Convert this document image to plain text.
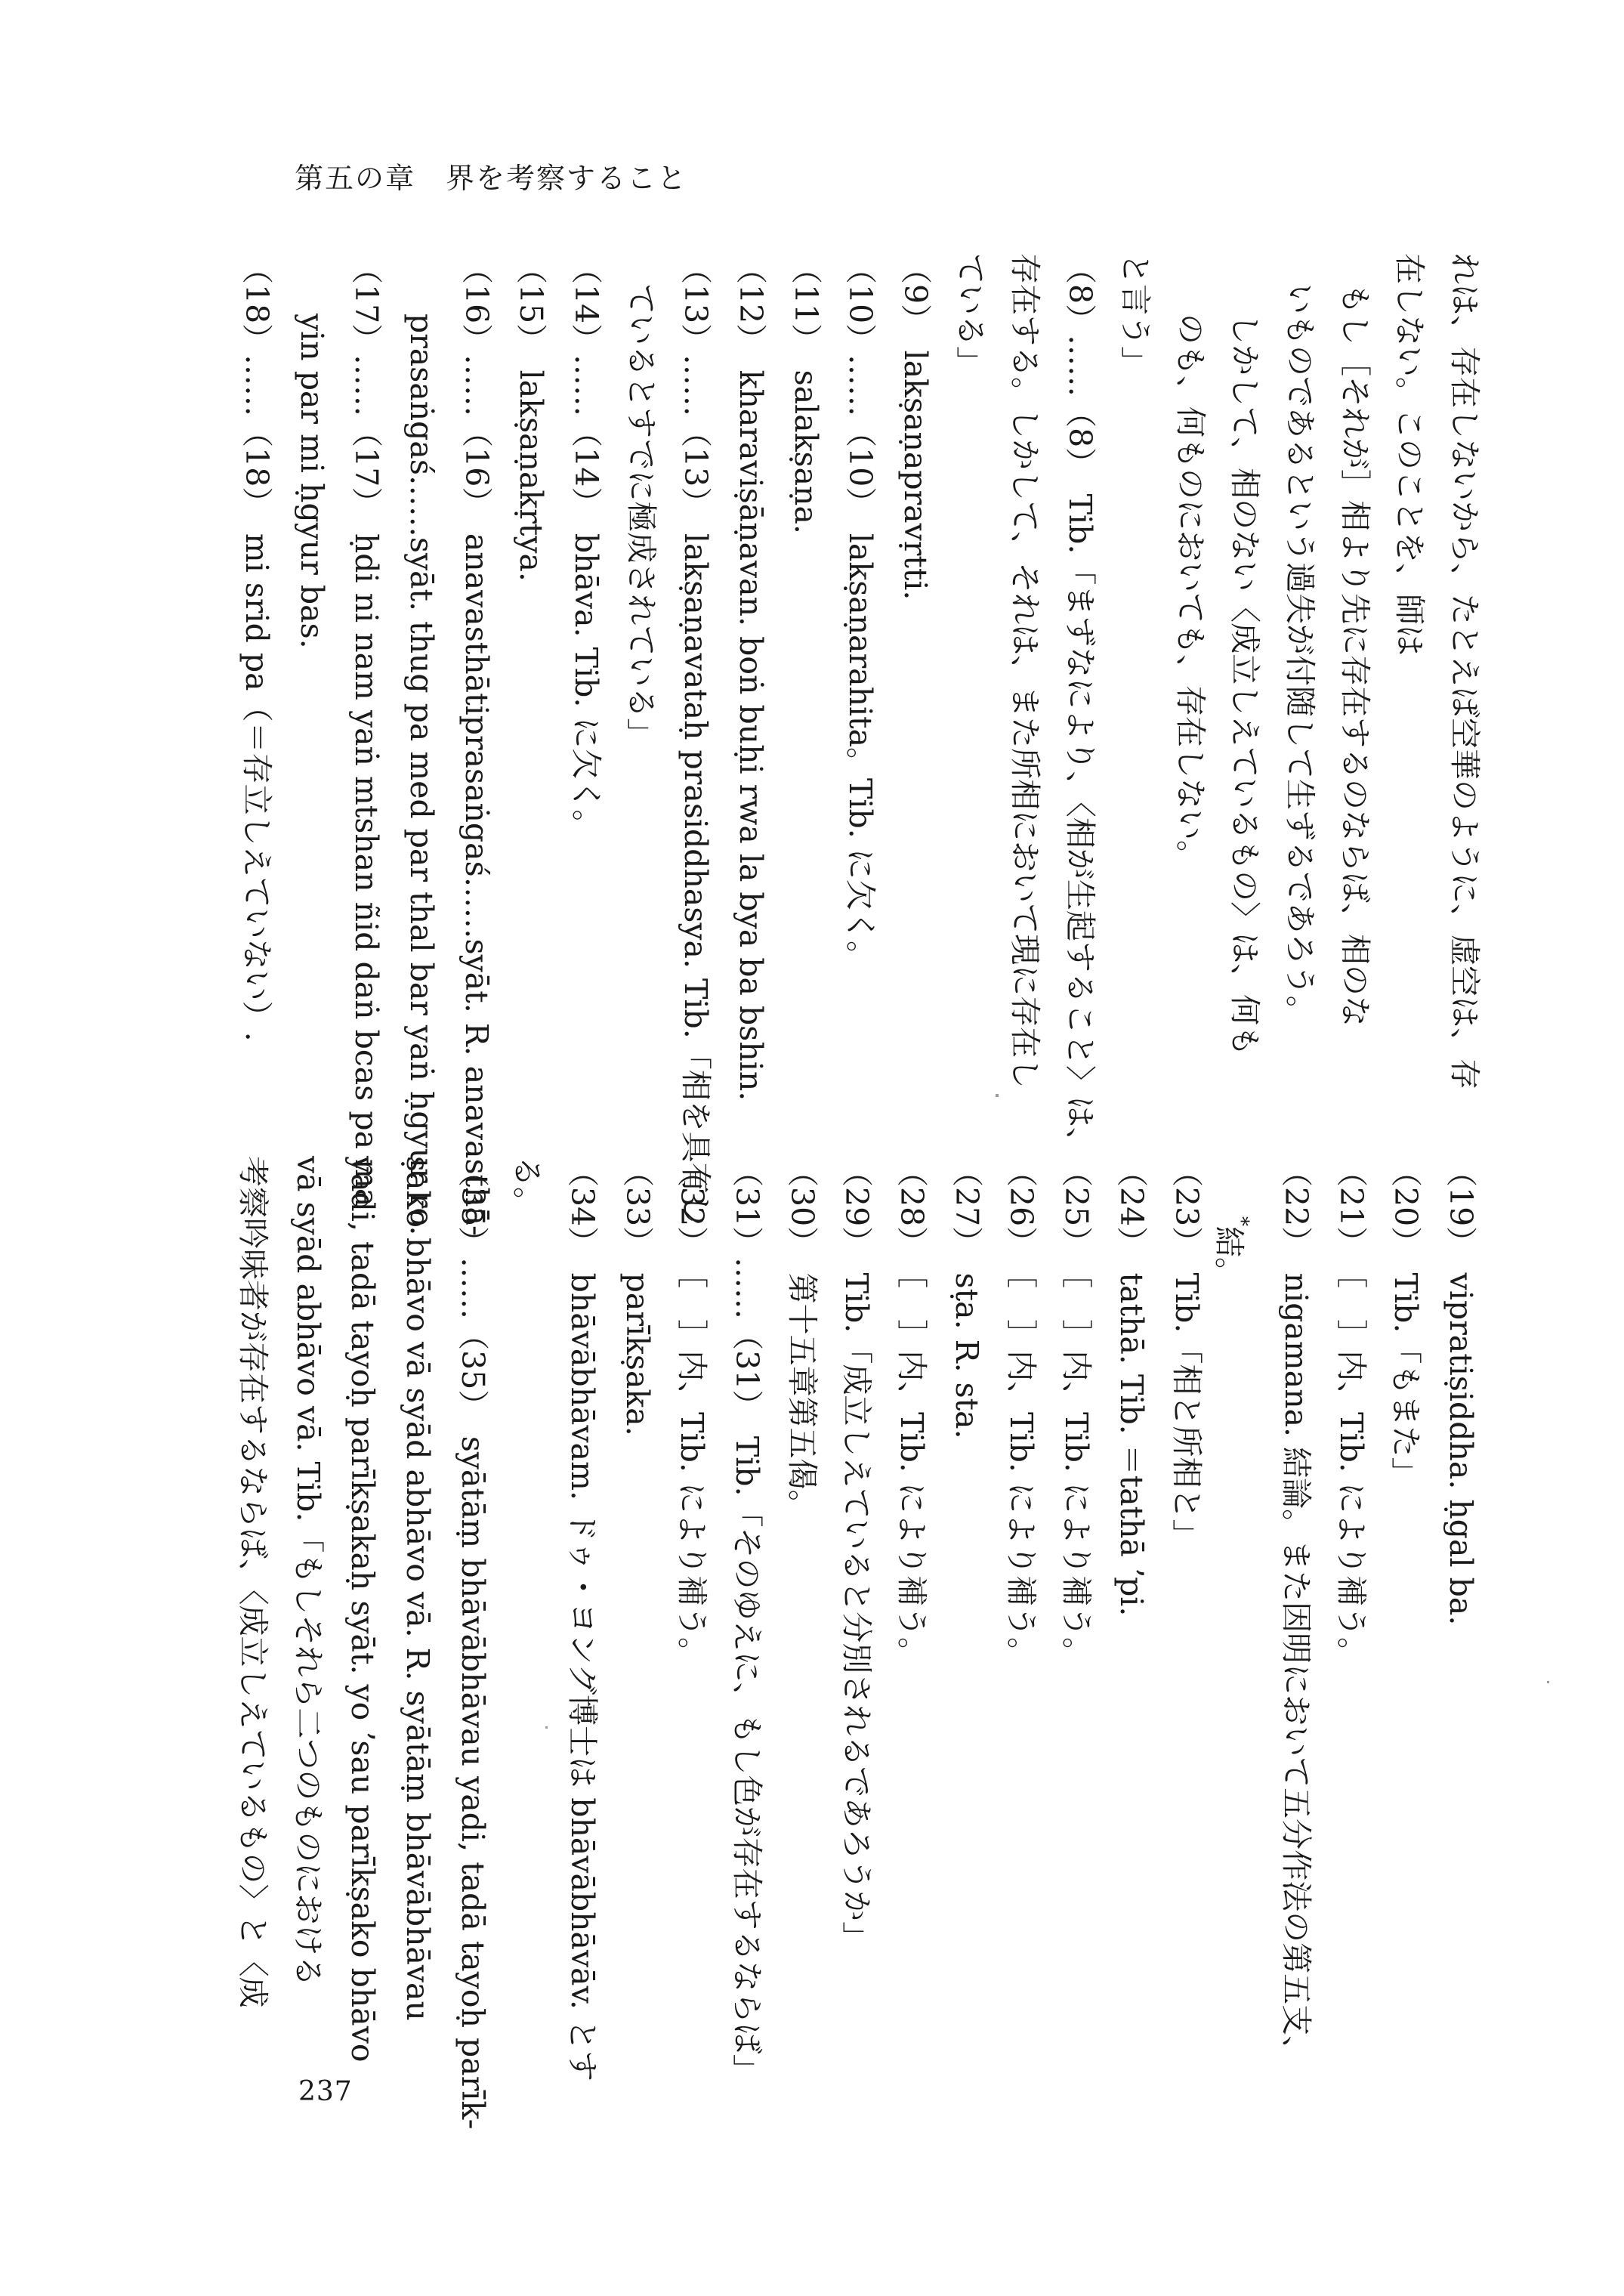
第五の章　界を考察すること
れは、存在しないから、たとえば空華のように、虚空は、存
在しない。このことを、師は
もし［それが］相より先に存在するのならば、相のな
いものであるという過失が付随して生ずるであろう。
しかして、相のない〈成立しえているもの〉は、何も
のも、何ものにおいても、存在しない。
と言う」
（8）……（8）　Tib.「まずなにより、〈相が生起すること〉は、
存在する。しかして、それは、また所相において現に存在し
ている」
（9）　lakṣaṇapravṛtti.
（10）……（10）　lakṣaṇarahita。Tib. に欠く。
（11）　salakṣaṇa.
（12）　kharaviṣāṇavan. boṅ buḥi rwa la bya ba bshin.
（13）……（13）　lakṣaṇavataḥ prasiddhasya. Tib.「相を具有し
ているとすでに極成されている」
（14）……（14）　bhāva. Tib. に欠く。
（15）　lakṣaṇakṛtya.
（16）……（16）　anavasthātiprasaṅgaś……syāt. R. anavasthā-
prasaṅgaś……syāt. thug pa med par thal bar yaṅ ḥgyur ro.
（17）……（17）　ḥdi ni nam yaṅ mtshan ñid daṅ bcas pa ma
yin par mi ḥgyur bas.
（18）……（18）　mi srid pa（＝存立しえていない）.
（19）　vipratiṣiddha. ḥgal ba.
（20）　Tib.「もまた」
（21）　［　］内、Tib. により補う。
（22）　nigamana. 結論。また因明において五分作法の第五支、
*結。
（23）　Tib.「相と所相と」
（24）　tathā. Tib. ＝tathā ʼpi.
（25）　［　］内、Tib. により補う。
（26）　［　］内、Tib. により補う。
（27）　sṭa. R. sta.
（28）　［　］内、Tib. により補う。
（29）　Tib.「成立しえていると分別されるであろうか」
（30）　第十五章第五偈。
（31）……（31）　Tib.「そのゆえに、もし色が存在するならば」
（32）　［　］内、Tib. により補う。
（33）　parīkṣaka.
（34）　bhāvābhāvam. ドゥ・ヨング博士は bhāvābhāvāv. とす
る。
（35）……（35）　syātāṃ bhāvābhāvau yadi, tadā tayoḥ parīk-
ṣako bhāvo vā syād abhāvo vā. R. syātāṃ bhāvābhāvau
yadi, tadā tayoḥ parīkṣakaḥ syāt. yo ʼsau parīkṣako bhāvo
vā syād abhāvo vā. Tib.「もしそれら二つのものにおける
考察吟味者が存在するならば、〈成立しえているもの〉と〈成
237
